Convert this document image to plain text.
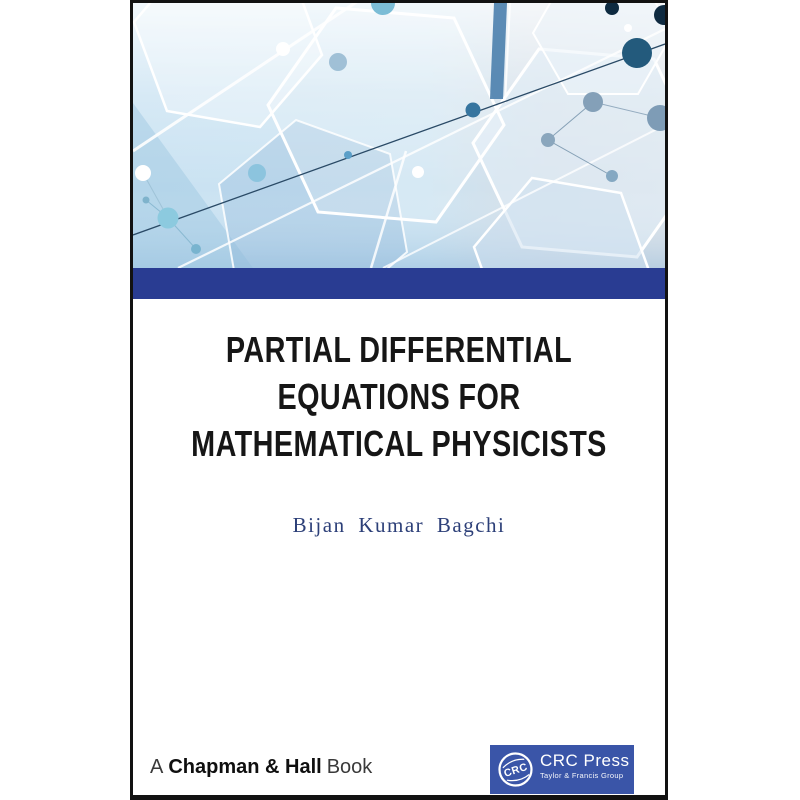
PARTIAL DIFFERENTIAL
EQUATIONS FOR
MATHEMATICAL PHYSICISTS
Bijan Kumar Bagchi
A Chapman & Hall Book	CRC
CRC Press
Taylor & Francis Group
